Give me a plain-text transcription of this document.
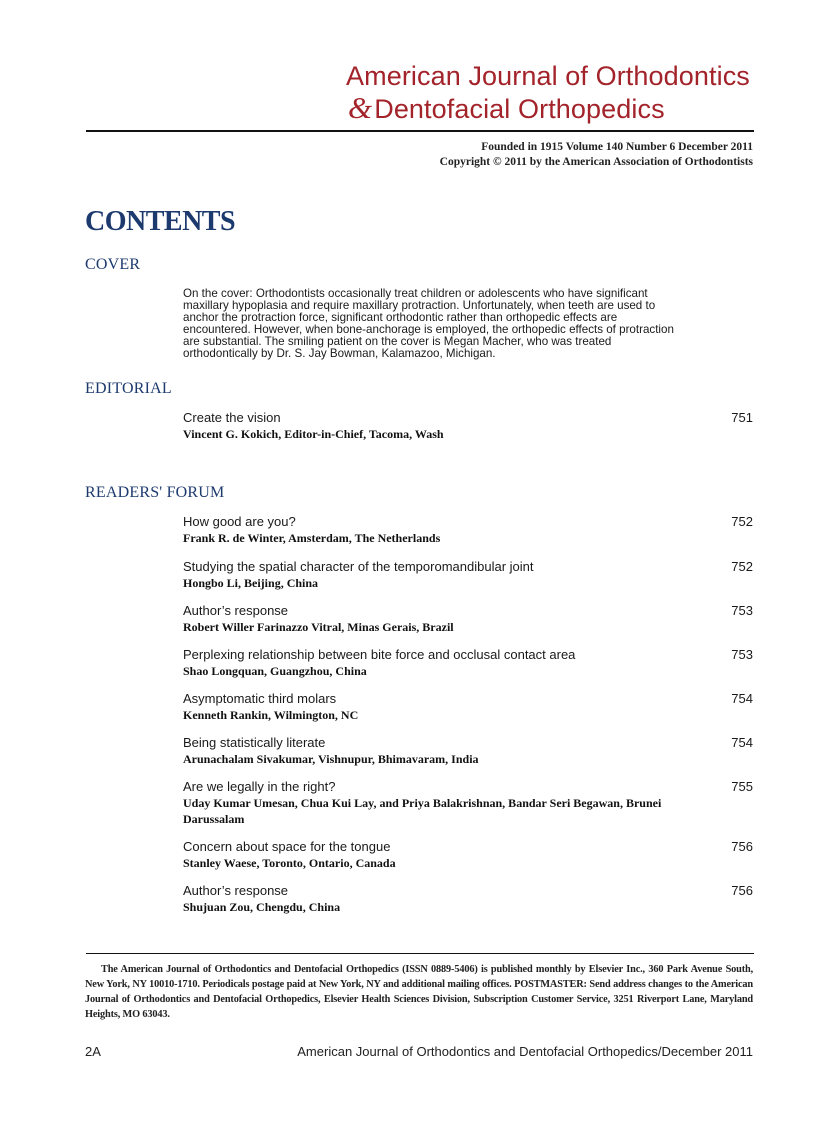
American Journal of Orthodontics
&Dentofacial Orthopedics
Founded in 1915 Volume 140 Number 6 December 2011
Copyright © 2011 by the American Association of Orthodontists
CONTENTS
COVER
On the cover: Orthodontists occasionally treat children or adolescents who have significant maxillary hypoplasia and require maxillary protraction. Unfortunately, when teeth are used to anchor the protraction force, significant orthodontic rather than orthopedic effects are encountered. However, when bone-anchorage is employed, the orthopedic effects of protraction are substantial. The smiling patient on the cover is Megan Macher, who was treated orthodontically by Dr. S. Jay Bowman, Kalamazoo, Michigan.
EDITORIAL
Create the vision
Vincent G. Kokich, Editor-in-Chief, Tacoma, Wash
751
READERS' FORUM
How good are you?
Frank R. de Winter, Amsterdam, The Netherlands
752
Studying the spatial character of the temporomandibular joint
Hongbo Li, Beijing, China
752
Author’s response
Robert Willer Farinazzo Vitral, Minas Gerais, Brazil
753
Perplexing relationship between bite force and occlusal contact area
Shao Longquan, Guangzhou, China
753
Asymptomatic third molars
Kenneth Rankin, Wilmington, NC
754
Being statistically literate
Arunachalam Sivakumar, Vishnupur, Bhimavaram, India
754
Are we legally in the right?
Uday Kumar Umesan, Chua Kui Lay, and Priya Balakrishnan, Bandar Seri Begawan, Brunei Darussalam
755
Concern about space for the tongue
Stanley Waese, Toronto, Ontario, Canada
756
Author’s response
Shujuan Zou, Chengdu, China
756
The American Journal of Orthodontics and Dentofacial Orthopedics (ISSN 0889-5406) is published monthly by Elsevier Inc., 360 Park Avenue South, New York, NY 10010-1710. Periodicals postage paid at New York, NY and additional mailing offices. POSTMASTER: Send address changes to the American Journal of Orthodontics and Dentofacial Orthopedics, Elsevier Health Sciences Division, Subscription Customer Service, 3251 Riverport Lane, Maryland Heights, MO 63043.
2A	American Journal of Orthodontics and Dentofacial Orthopedics/December 2011
